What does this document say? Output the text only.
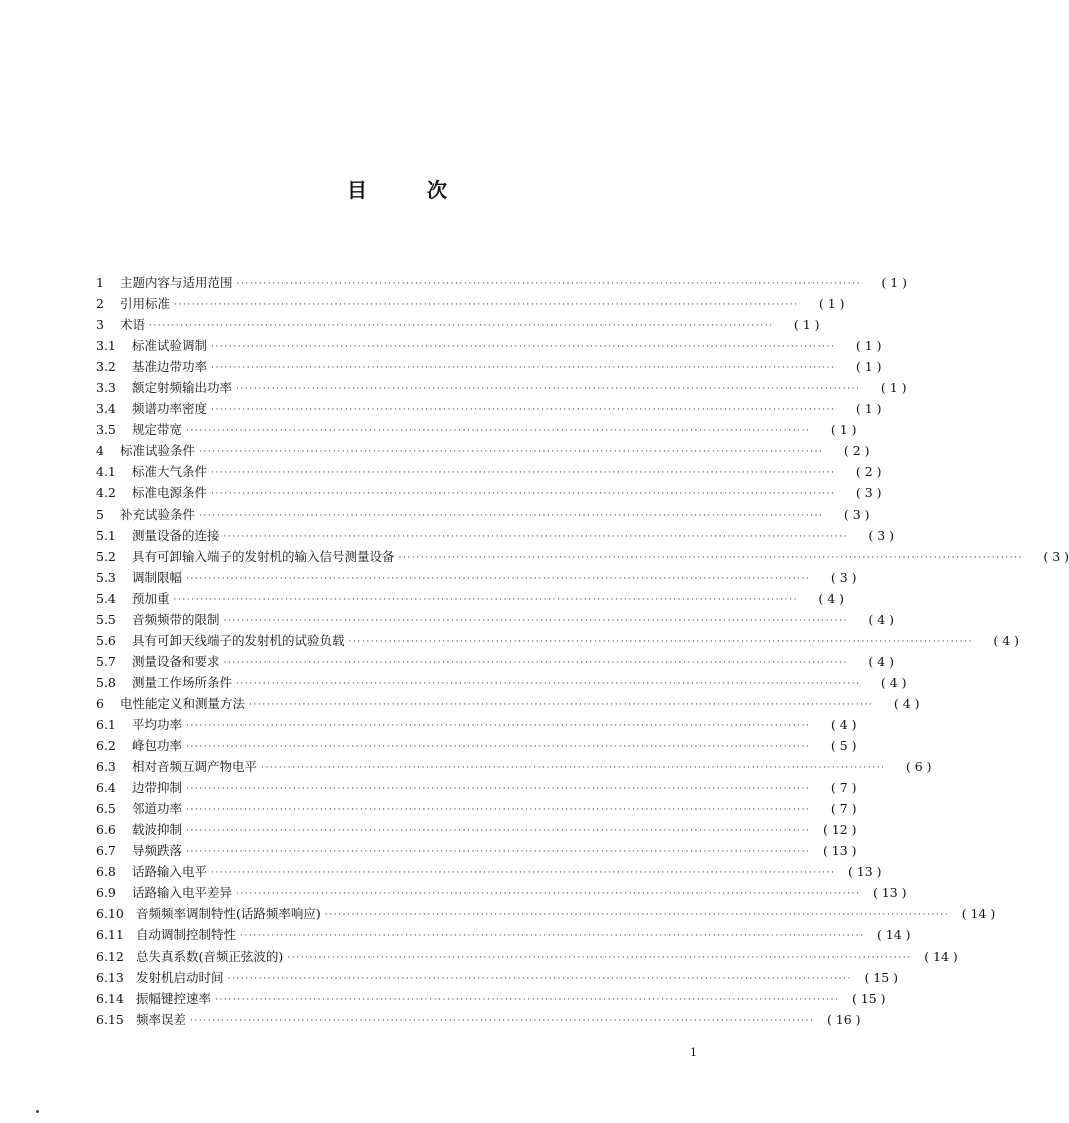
目	次
1	主题内容与适用范围 ············································································································································	( 1 )
2	引用标准 ············································································································································	( 1 )
3	术语 ············································································································································	( 1 )
3.1	标准试验调制 ············································································································································	( 1 )
3.2	基准边带功率 ············································································································································	( 1 )
3.3	额定射频输出功率 ············································································································································	( 1 )
3.4	频谱功率密度 ············································································································································	( 1 )
3.5	规定带宽 ············································································································································	( 1 )
4	标准试验条件 ············································································································································	( 2 )
4.1	标准大气条件 ············································································································································	( 2 )
4.2	标准电源条件 ············································································································································	( 3 )
5	补充试验条件 ············································································································································	( 3 )
5.1	测量设备的连接 ············································································································································	( 3 )
5.2	具有可卸输入端子的发射机的输入信号测量设备 ············································································································································	( 3 )
5.3	调制限幅 ············································································································································	( 3 )
5.4	预加重 ············································································································································	( 4 )
5.5	音频频带的限制 ············································································································································	( 4 )
5.6	具有可卸天线端子的发射机的试验负载 ············································································································································	( 4 )
5.7	测量设备和要求 ············································································································································	( 4 )
5.8	测量工作场所条件 ············································································································································	( 4 )
6	电性能定义和测量方法 ············································································································································	( 4 )
6.1	平均功率 ············································································································································	( 4 )
6.2	峰包功率 ············································································································································	( 5 )
6.3	相对音频互调产物电平 ············································································································································	( 6 )
6.4	边带抑制 ············································································································································	( 7 )
6.5	邻道功率 ············································································································································	( 7 )
6.6	载波抑制 ············································································································································ ( 12 )
6.7	导频跌落 ············································································································································ ( 13 )
6.8	话路输入电平 ············································································································································ ( 13 )
6.9	话路输入电平差异 ············································································································································ ( 13 )
6.10 音频频率调制特性(话路频率响应) ············································································································································ ( 14 )
6.11 自动调制控制特性 ············································································································································ ( 14 )
6.12 总失真系数(音频正弦波的) ············································································································································ ( 14 )
6.13 发射机启动时间 ············································································································································ ( 15 )
6.14 振幅键控速率 ············································································································································ ( 15 )
6.15 频率误差 ············································································································································ ( 16 )
1
